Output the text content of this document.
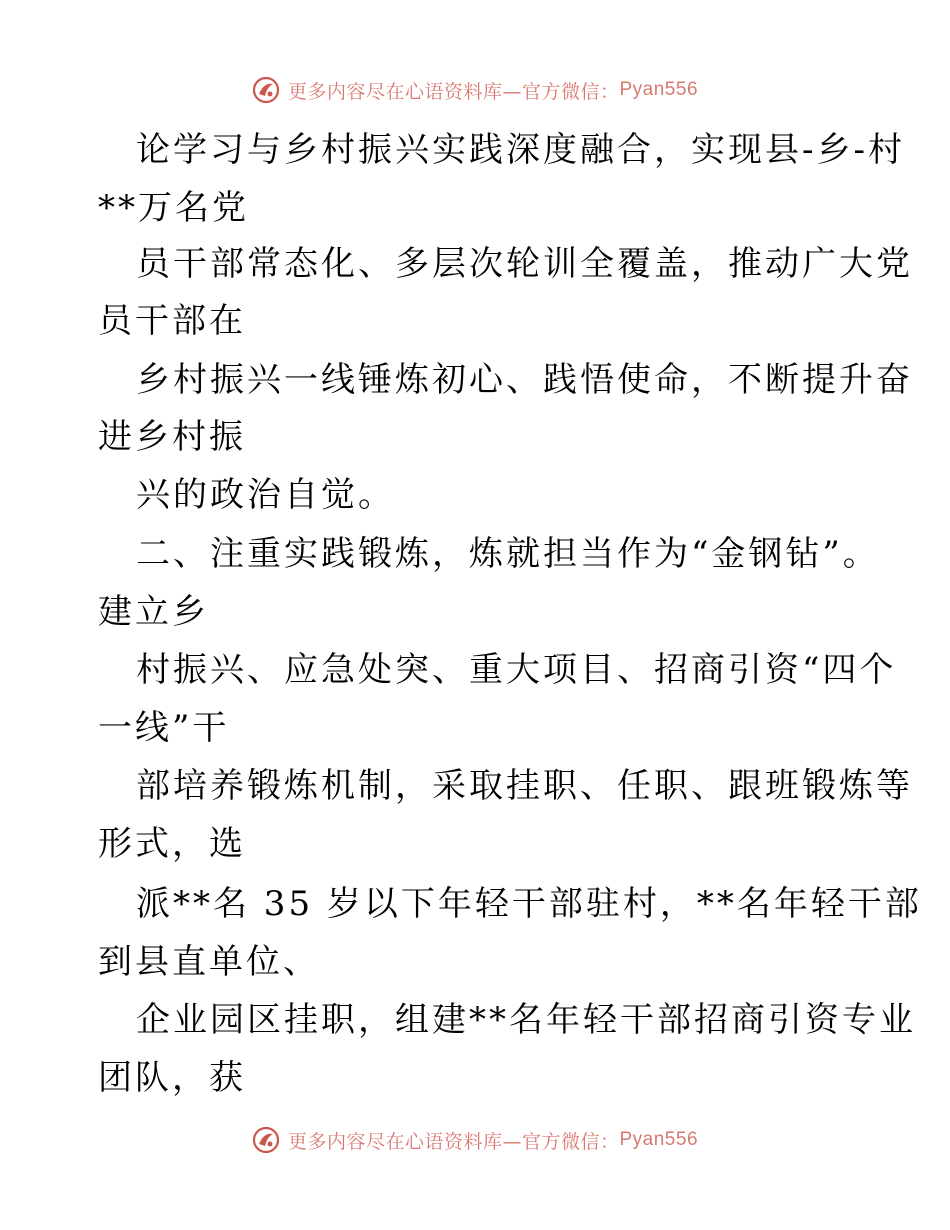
更多内容尽在心语资料库—官方微信： Pyan556
论学习与乡村振兴实践深度融合，实现县-乡-村
**万名党
员干部常态化、多层次轮训全覆盖，推动广大党
员干部在
乡村振兴一线锤炼初心、践悟使命，不断提升奋
进乡村振
兴的政治自觉。
二、注重实践锻炼，炼就担当作为“金钢钻”。
建立乡
村振兴、应急处突、重大项目、招商引资“四个
一线”干
部培养锻炼机制，采取挂职、任职、跟班锻炼等
形式，选
派**名 35 岁以下年轻干部驻村，**名年轻干部
到县直单位、
企业园区挂职，组建**名年轻干部招商引资专业
团队，获
更多内容尽在心语资料库—官方微信： Pyan556
